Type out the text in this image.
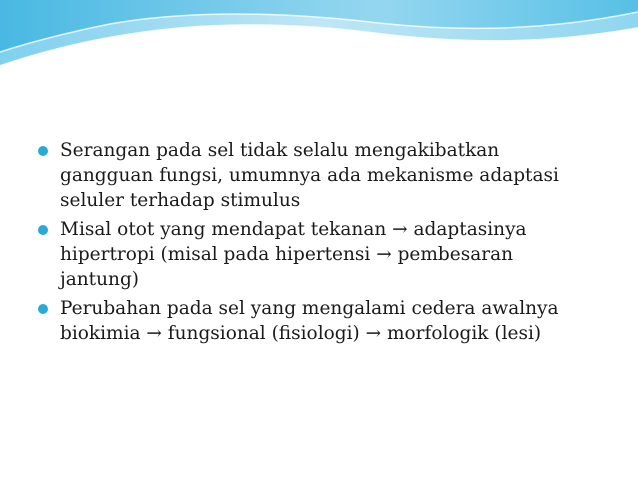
Serangan pada sel tidak selalu mengakibatkan
gangguan fungsi, umumnya ada mekanisme adaptasi
seluler terhadap stimulus
Misal otot yang mendapat tekanan → adaptasinya
hipertropi (misal pada hipertensi → pembesaran
jantung)
Perubahan pada sel yang mengalami cedera awalnya
biokimia → fungsional (fisiologi) → morfologik (lesi)
